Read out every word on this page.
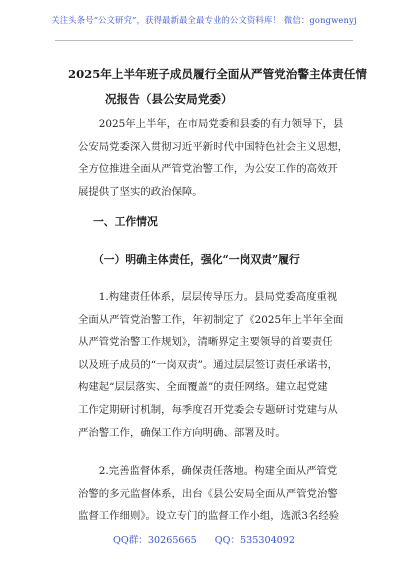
关注头条号“公文研究”，获得最新最全最专业的公文资料库！ 微信：gongwenyj
2025年上半年班子成员履行全面从严管党治警主体责任情
况报告（县公安局党委）
　　2025年上半年，在市局党委和县委的有力领导下，县
公安局党委深入贯彻习近平新时代中国特色社会主义思想，
全方位推进全面从严管党治警工作，为公安工作的高效开
展提供了坚实的政治保障。
一、工作情况
（一）明确主体责任，强化“一岗双责”履行
　　1.构建责任体系，层层传导压力。县局党委高度重视
全面从严管党治警工作，年初制定了《2025年上半年全面
从严管党治警工作规划》，清晰界定主要领导的首要责任
以及班子成员的“一岗双责”。通过层层签订责任承诺书，
构建起“层层落实、全面覆盖”的责任网络。建立起党建
工作定期研讨机制，每季度召开党委会专题研讨党建与从
严治警工作，确保工作方向明确、部署及时。
　　2.完善监督体系，确保责任落地。构建全面从严管党
治警的多元监督体系，出台《县公安局全面从严管党治警
监督工作细则》。设立专门的监督工作小组，选派3名经验
QQ群：30265665 QQ：535304092
